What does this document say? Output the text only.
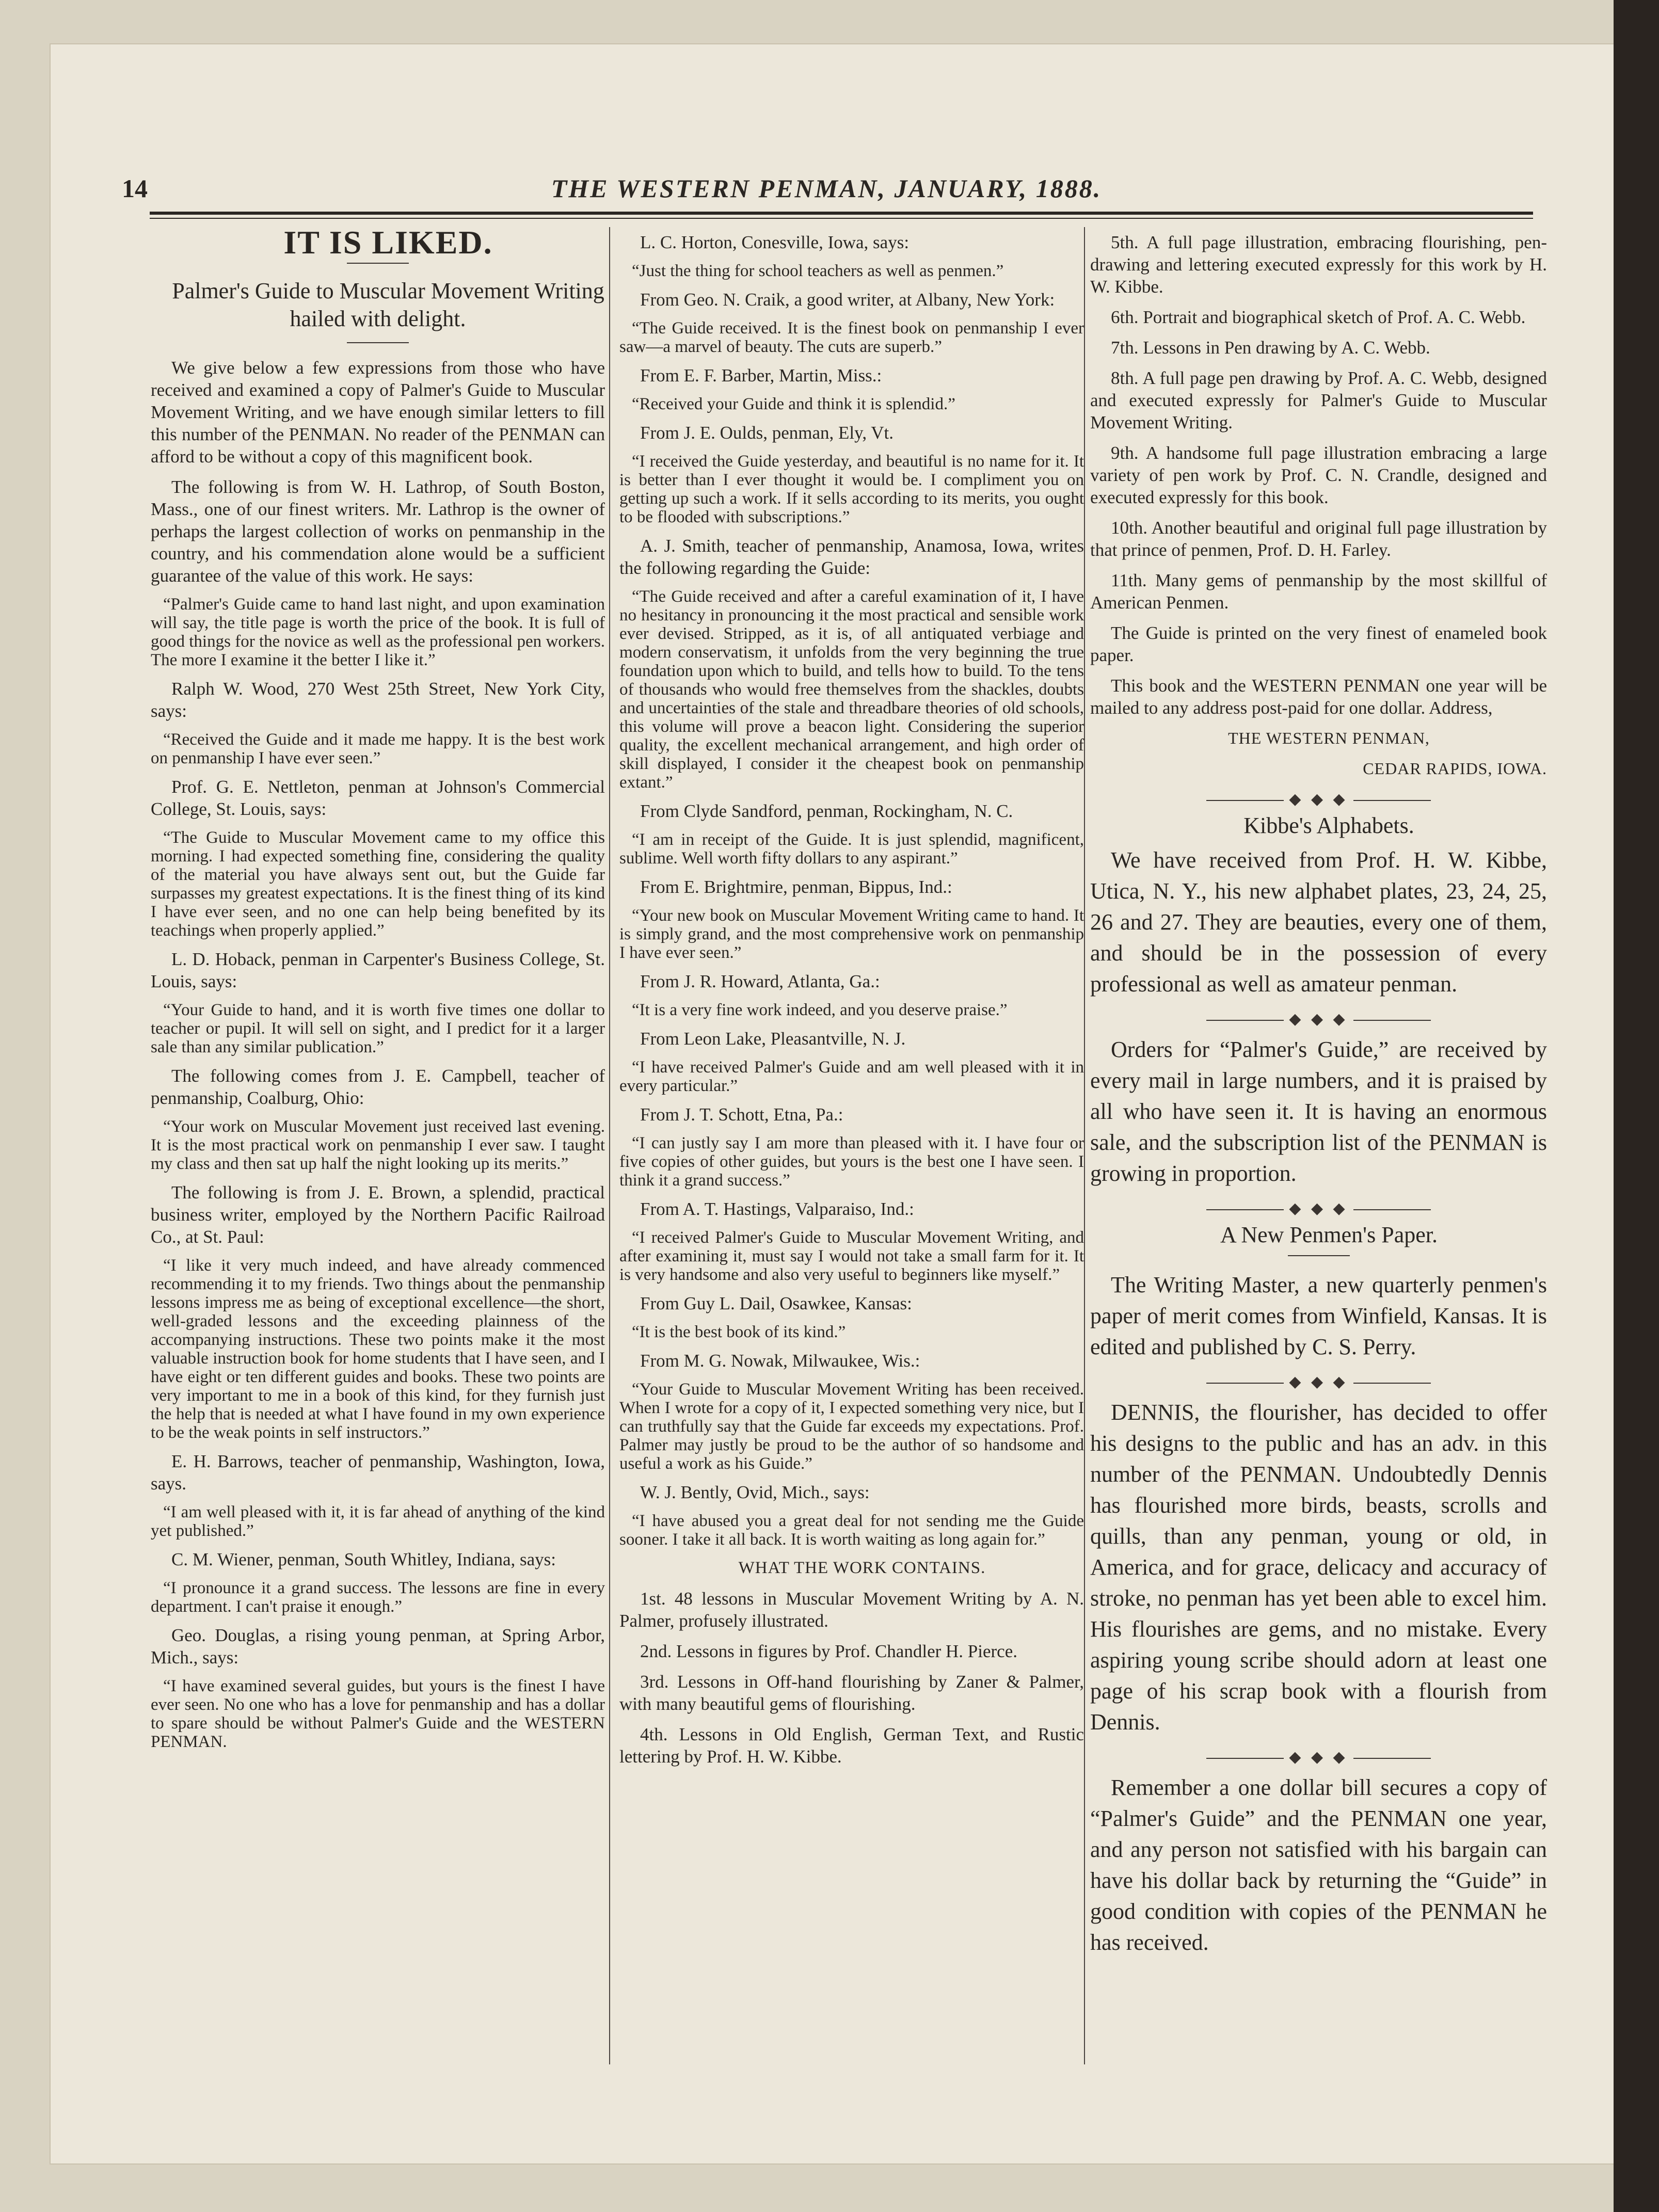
14	THE WESTERN PENMAN, JANUARY, 1888.

IT IS LIKED.

Palmer's Guide to Muscular Movement Writing hailed with delight.

We give below a few expressions from those who have received and examined a copy of Palmer's Guide to Muscular Movement Writing, and we have enough similar letters to fill this number of the PENMAN. No reader of the PENMAN can afford to be without a copy of this magnificent book.

The following is from W. H. Lathrop, of South Boston, Mass., one of our finest writers. Mr. Lathrop is the owner of perhaps the largest collection of works on penmanship in the country, and his commendation alone would be a sufficient guarantee of the value of this work. He says:

“Palmer's Guide came to hand last night, and upon examination will say, the title page is worth the price of the book. It is full of good things for the novice as well as the professional pen workers. The more I examine it the better I like it.”

Ralph W. Wood, 270 West 25th Street, New York City, says:

“Received the Guide and it made me happy. It is the best work on penmanship I have ever seen.”

Prof. G. E. Nettleton, penman at Johnson's Commercial College, St. Louis, says:

“The Guide to Muscular Movement came to my office this morning. I had expected something fine, considering the quality of the material you have always sent out, but the Guide far surpasses my greatest expectations. It is the finest thing of its kind I have ever seen, and no one can help being benefited by its teachings when properly applied.”

L. D. Hoback, penman in Carpenter's Business College, St. Louis, says:

“Your Guide to hand, and it is worth five times one dollar to teacher or pupil. It will sell on sight, and I predict for it a larger sale than any similar publication.”

The following comes from J. E. Campbell, teacher of penmanship, Coalburg, Ohio:

“Your work on Muscular Movement just received last evening. It is the most practical work on penmanship I ever saw. I taught my class and then sat up half the night looking up its merits.”

The following is from J. E. Brown, a splendid, practical business writer, employed by the Northern Pacific Railroad Co., at St. Paul:

“I like it very much indeed, and have already commenced recommending it to my friends. Two things about the penmanship lessons impress me as being of exceptional excellence—the short, well-graded lessons and the exceeding plainness of the accompanying instructions. These two points make it the most valuable instruction book for home students that I have seen, and I have eight or ten different guides and books. These two points are very important to me in a book of this kind, for they furnish just the help that is needed at what I have found in my own experience to be the weak points in self instructors.”

E. H. Barrows, teacher of penmanship, Washington, Iowa, says.

“I am well pleased with it, it is far ahead of anything of the kind yet published.”

C. M. Wiener, penman, South Whitley, Indiana, says:

“I pronounce it a grand success. The lessons are fine in every department. I can't praise it enough.”

Geo. Douglas, a rising young penman, at Spring Arbor, Mich., says:

“I have examined several guides, but yours is the finest I have ever seen. No one who has a love for penmanship and has a dollar to spare should be without Palmer's Guide and the WESTERN PENMAN.

L. C. Horton, Conesville, Iowa, says:

“Just the thing for school teachers as well as penmen.”

From Geo. N. Craik, a good writer, at Albany, New York:

“The Guide received. It is the finest book on penmanship I ever saw—a marvel of beauty. The cuts are superb.”

From E. F. Barber, Martin, Miss.:

“Received your Guide and think it is splendid.”

From J. E. Oulds, penman, Ely, Vt.

“I received the Guide yesterday, and beautiful is no name for it. It is better than I ever thought it would be. I compliment you on getting up such a work. If it sells according to its merits, you ought to be flooded with subscriptions.”

A. J. Smith, teacher of penmanship, Anamosa, Iowa, writes the following regarding the Guide:

“The Guide received and after a careful examination of it, I have no hesitancy in pronouncing it the most practical and sensible work ever devised. Stripped, as it is, of all antiquated verbiage and modern conservatism, it unfolds from the very beginning the true foundation upon which to build, and tells how to build. To the tens of thousands who would free themselves from the shackles, doubts and uncertainties of the stale and threadbare theories of old schools, this volume will prove a beacon light. Considering the superior quality, the excellent mechanical arrangement, and high order of skill displayed, I consider it the cheapest book on penmanship extant.”

From Clyde Sandford, penman, Rockingham, N. C.

“I am in receipt of the Guide. It is just splendid, magnificent, sublime. Well worth fifty dollars to any aspirant.”

From E. Brightmire, penman, Bippus, Ind.:

“Your new book on Muscular Movement Writing came to hand. It is simply grand, and the most comprehensive work on penmanship I have ever seen.”

From J. R. Howard, Atlanta, Ga.:

“It is a very fine work indeed, and you deserve praise.”

From Leon Lake, Pleasantville, N. J.

“I have received Palmer's Guide and am well pleased with it in every particular.”

From J. T. Schott, Etna, Pa.:

“I can justly say I am more than pleased with it. I have four or five copies of other guides, but yours is the best one I have seen. I think it a grand success.”

From A. T. Hastings, Valparaiso, Ind.:

“I received Palmer's Guide to Muscular Movement Writing, and after examining it, must say I would not take a small farm for it. It is very handsome and also very useful to beginners like myself.”

From Guy L. Dail, Osawkee, Kansas:

“It is the best book of its kind.”

From M. G. Nowak, Milwaukee, Wis.:

“Your Guide to Muscular Movement Writing has been received. When I wrote for a copy of it, I expected something very nice, but I can truthfully say that the Guide far exceeds my expectations. Prof. Palmer may justly be proud to be the author of so handsome and useful a work as his Guide.”

W. J. Bently, Ovid, Mich., says:

“I have abused you a great deal for not sending me the Guide sooner. I take it all back. It is worth waiting as long again for.”

WHAT THE WORK CONTAINS.

1st. 48 lessons in Muscular Movement Writing by A. N. Palmer, profusely illustrated.

2nd. Lessons in figures by Prof. Chandler H. Pierce.

3rd. Lessons in Off-hand flourishing by Zaner & Palmer, with many beautiful gems of flourishing.

4th. Lessons in Old English, German Text, and Rustic lettering by Prof. H. W. Kibbe.

5th. A full page illustration, embracing flourishing, pen-drawing and lettering executed expressly for this work by H. W. Kibbe.

6th. Portrait and biographical sketch of Prof. A. C. Webb.

7th. Lessons in Pen drawing by A. C. Webb.

8th. A full page pen drawing by Prof. A. C. Webb, designed and executed expressly for Palmer's Guide to Muscular Movement Writing.

9th. A handsome full page illustration embracing a large variety of pen work by Prof. C. N. Crandle, designed and executed expressly for this book.

10th. Another beautiful and original full page illustration by that prince of penmen, Prof. D. H. Farley.

11th. Many gems of penmanship by the most skillful of American Penmen.

The Guide is printed on the very finest of enameled book paper.

This book and the WESTERN PENMAN one year will be mailed to any address post-paid for one dollar. Address,

THE WESTERN PENMAN,

CEDAR RAPIDS, IOWA.

◆ ◆ ◆

Kibbe's Alphabets.

We have received from Prof. H. W. Kibbe, Utica, N. Y., his new alphabet plates, 23, 24, 25, 26 and 27. They are beauties, every one of them, and should be in the possession of every professional as well as amateur penman.

◆ ◆ ◆

Orders for “Palmer's Guide,” are received by every mail in large numbers, and it is praised by all who have seen it. It is having an enormous sale, and the subscription list of the PENMAN is growing in proportion.

◆ ◆ ◆

A New Penmen's Paper.

The Writing Master, a new quarterly penmen's paper of merit comes from Winfield, Kansas. It is edited and published by C. S. Perry.

◆ ◆ ◆

DENNIS, the flourisher, has decided to offer his designs to the public and has an adv. in this number of the PENMAN. Undoubtedly Dennis has flourished more birds, beasts, scrolls and quills, than any penman, young or old, in America, and for grace, delicacy and accuracy of stroke, no penman has yet been able to excel him. His flourishes are gems, and no mistake. Every aspiring young scribe should adorn at least one page of his scrap book with a flourish from Dennis.

◆ ◆ ◆

Remember a one dollar bill secures a copy of “Palmer's Guide” and the PENMAN one year, and any person not satisfied with his bargain can have his dollar back by returning the “Guide” in good condition with copies of the PENMAN he has received.
